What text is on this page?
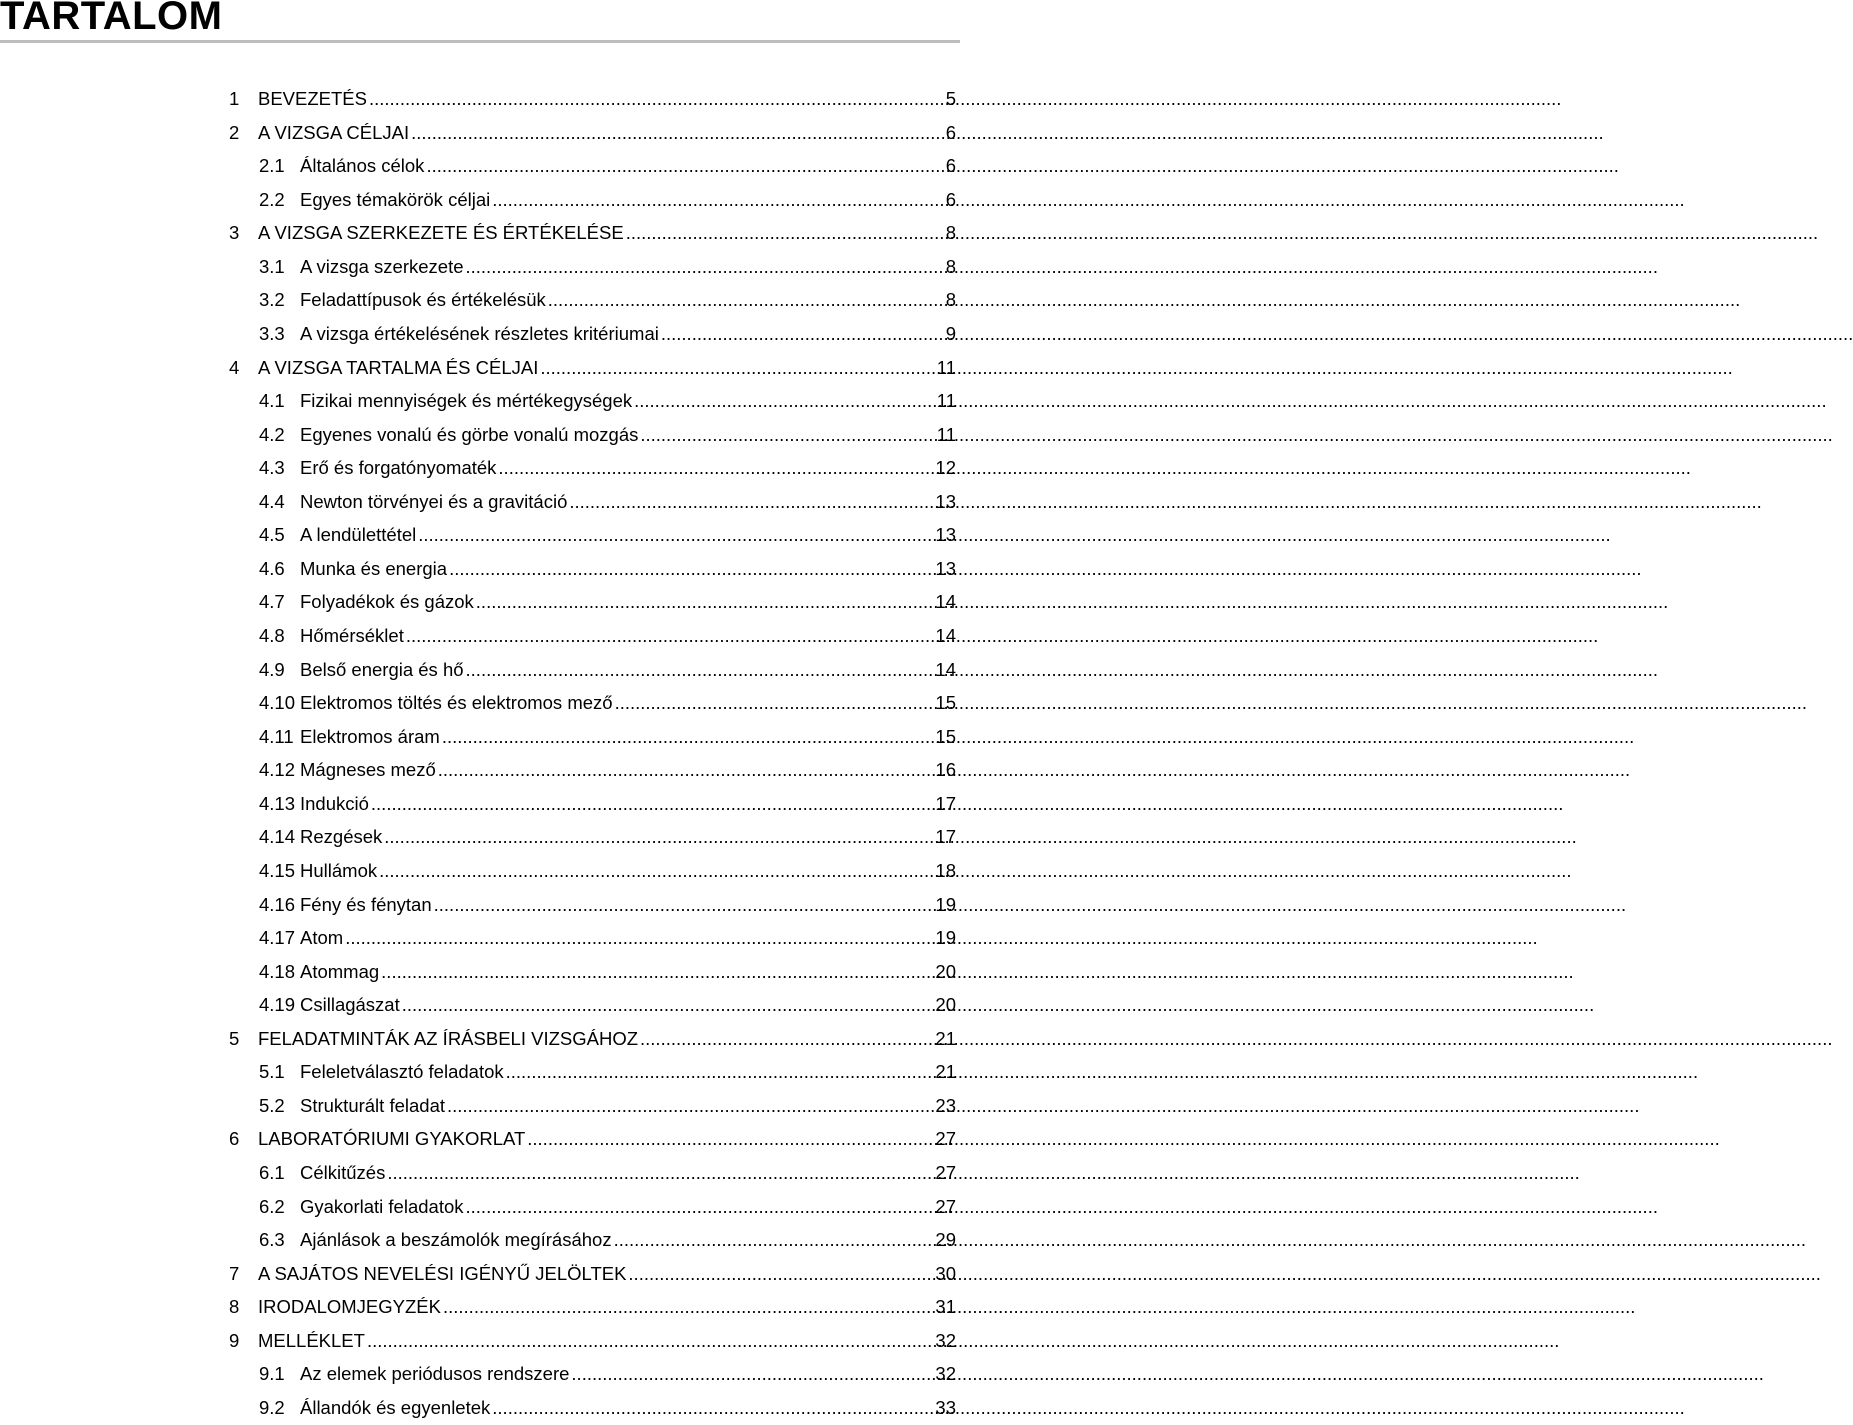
TARTALOM
1	BEVEZETÉS .....	5
2	A VIZSGA CÉLJAI .....	6
2.1 Általános célok .....	6
2.2 Egyes témakörök céljai .....	6
3	A VIZSGA SZERKEZETE ÉS ÉRTÉKELÉSE .....	8
3.1 A vizsga szerkezete .....	8
3.2 Feladattípusok és értékelésük .....	8
3.3 A vizsga értékelésének részletes kritériumai .....	9
4	A VIZSGA TARTALMA ÉS CÉLJAI .....	11
4.1 Fizikai mennyiségek és mértékegységek .....	11
4.2 Egyenes vonalú és görbe vonalú mozgás .....	11
4.3 Erő és forgatónyomaték .....	12
4.4 Newton törvényei és a gravitáció .....	13
4.5 A lendülettétel .....	13
4.6 Munka és energia .....	13
4.7 Folyadékok és gázok .....	14
4.8 Hőmérséklet .....	14
4.9 Belső energia és hő .....	14
4.10 Elektromos töltés és elektromos mező .....	15
4.11 Elektromos áram .....	15
4.12 Mágneses mező .....	16
4.13 Indukció .....	17
4.14 Rezgések .....	17
4.15 Hullámok .....	18
4.16 Fény és fénytan .....	19
4.17 Atom .....	19
4.18 Atommag .....	20
4.19 Csillagászat .....	20
5	FELADATMINTÁK AZ ÍRÁSBELI VIZSGÁHOZ .....	21
5.1 Feleletválasztó feladatok .....	21
5.2 Strukturált feladat .....	23
6	LABORATÓRIUMI GYAKORLAT .....	27
6.1 Célkitűzés .....	27
6.2 Gyakorlati feladatok .....	27
6.3 Ajánlások a beszámolók megírásához .....	29
7	A SAJÁTOS NEVELÉSI IGÉNYŰ JELÖLTEK .....	30
8	IRODALOMJEGYZÉK .....	31
9	MELLÉKLET .....	32
9.1 Az elemek periódusos rendszere .....	32
9.2 Állandók és egyenletek .....	33
